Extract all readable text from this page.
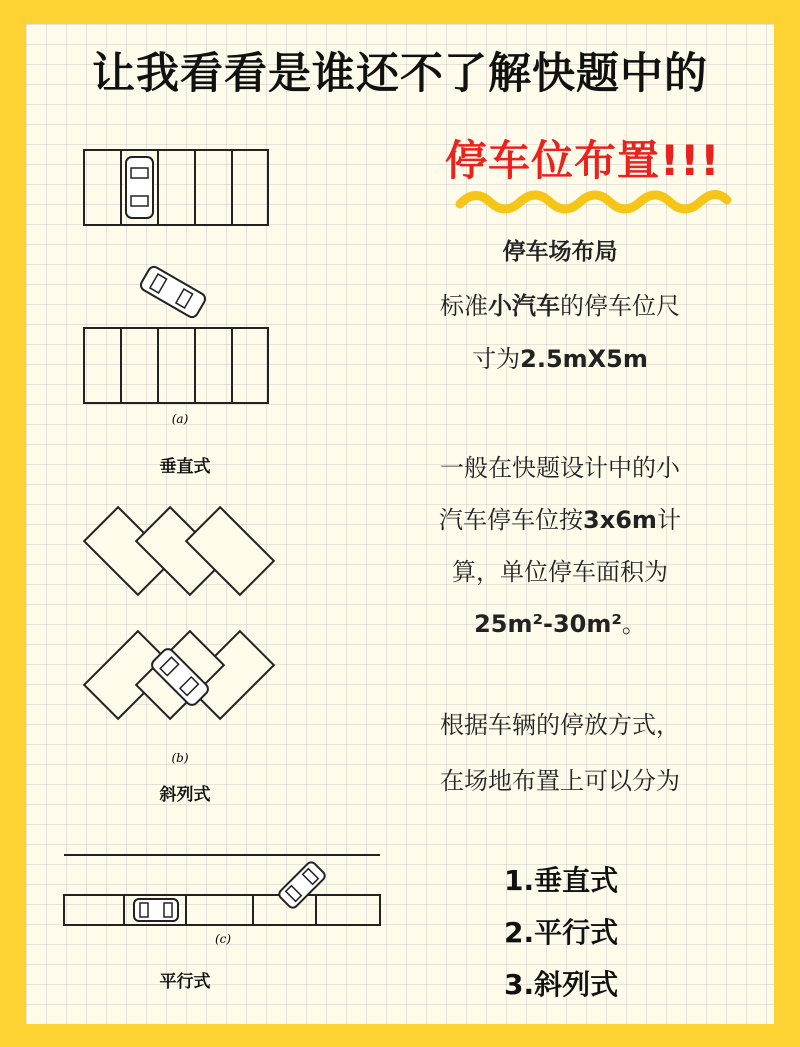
让我看看是谁还不了解快题中的
停车位布置!!!
停车场布局
标准小汽车的停车位尺
寸为2.5mX5m
一般在快题设计中的小
汽车停车位按3x6m计
算，单位停车面积为
25m²-30m²。
根据车辆的停放方式，
在场地布置上可以分为
1.垂直式
2.平行式
3.斜列式
(a)
垂直式
(b)
斜列式
(c)
平行式
